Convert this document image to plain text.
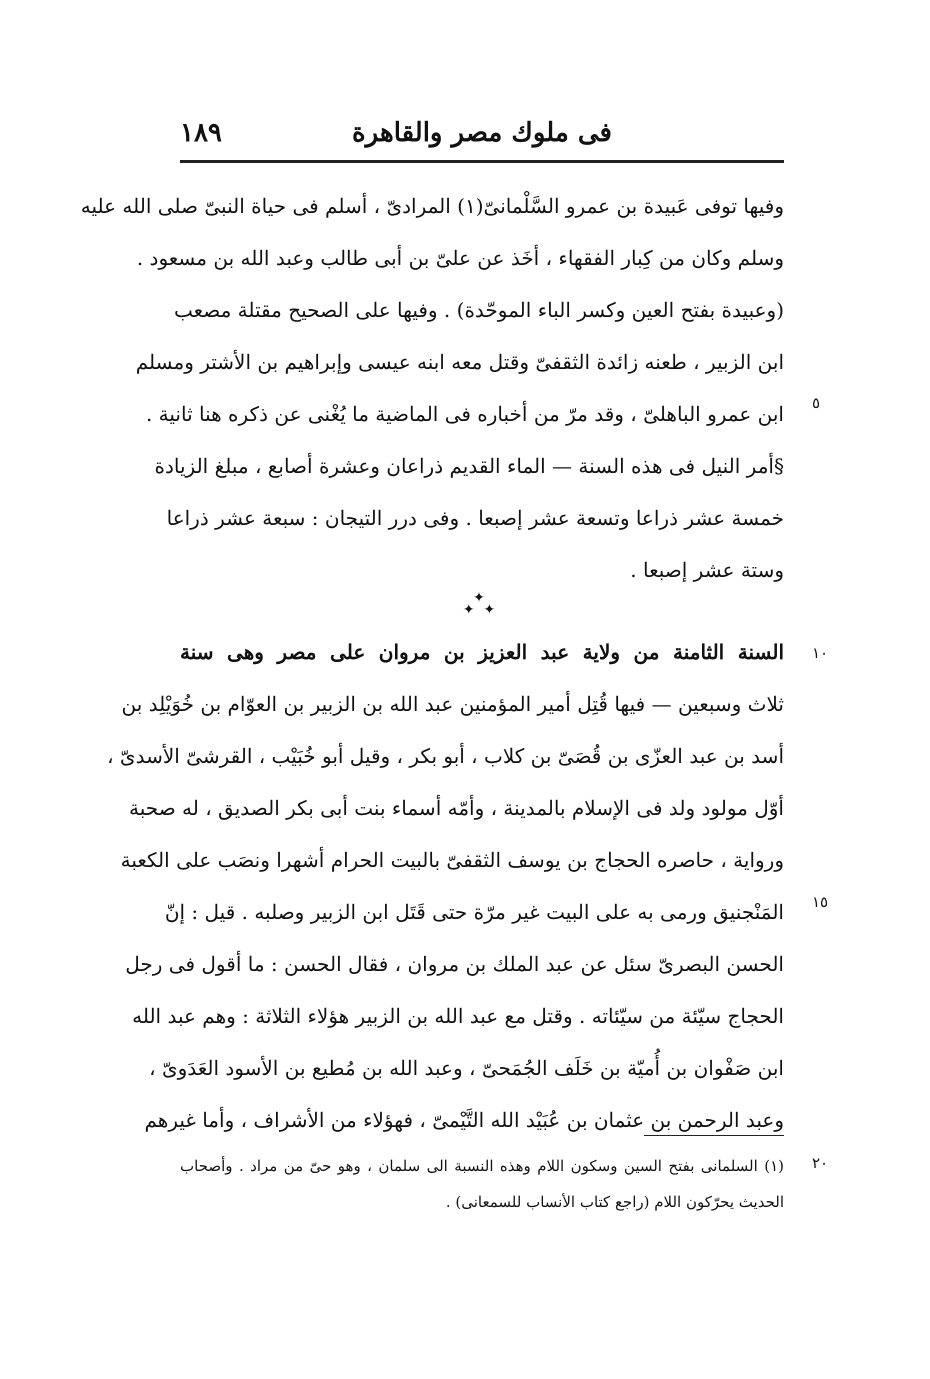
١٨٩	فى ملوك مصر والقاهرة
وفيها توفى عَبيدة بن عمرو السَّلْمانىّ(١) المرادىّ ، أسلم فى حياة النبىّ صلى الله عليه
وسلم وكان من كِبار الفقهاء ، أخَذ عن علىّ بن أبى طالب وعبد الله بن مسعود .
(وعبيدة بفتح العين وكسر الباء الموحّدة) . وفيها على الصحيح مقتلة مصعب
ابن الزبير ، طعنه زائدة الثقفىّ وقتل معه ابنه عيسى وإبراهيم بن الأشتر ومسلم
ابن عمرو الباهلىّ ، وقد مرّ من أخباره فى الماضية ما يُغْنى عن ذكره هنا ثانية .
§أمر النيل فى هذه السنة — الماء القديم ذراعان وعشرة أصابع ، مبلغ الزيادة
خمسة عشر ذراعا وتسعة عشر إصبعا . وفى درر التيجان : سبعة عشر ذراعا
وستة عشر إصبعا .
✦
✦ ✦
السنة الثامنة من ولاية عبد العزيز بن مروان على مصر وهى سنة
ثلاث وسبعين — فيها قُتِل أمير المؤمنين عبد الله بن الزبير بن العوّام بن خُوَيْلِد بن
أسد بن عبد العزّى بن قُصَىّ بن كلاب ، أبو بكر ، وقيل أبو خُبَيْب ، القرشىّ الأسدىّ ،
أوّل مولود ولد فى الإسلام بالمدينة ، وأمّه أسماء بنت أبى بكر الصديق ، له صحبة
ورواية ، حاصره الحجاج بن يوسف الثقفىّ بالبيت الحرام أشهرا ونصَب على الكعبة
المَنْجنيق ورمى به على البيت غير مرّة حتى قَتَل ابن الزبير وصلبه . قيل : إنّ
الحسن البصرىّ سئل عن عبد الملك بن مروان ، فقال الحسن : ما أقول فى رجل
الحجاج سيّئة من سيّئاته . وقتل مع عبد الله بن الزبير هؤلاء الثلاثة : وهم عبد الله
ابن صَفْوان بن أُميّة بن خَلَف الجُمَحىّ ، وعبد الله بن مُطيع بن الأسود العَدَوىّ ،
وعبد الرحمن بن عثمان بن عُبَيْد الله التَّيْمىّ ، فهؤلاء من الأشراف ، وأما غيرهم
٥
١٠
١٥
٢٠
(١) السلمانى بفتح السين وسكون اللام وهذه النسبة الى سلمان ، وهو حىّ من مراد . وأصحاب
الحديث يحرّكون اللام (راجع كتاب الأنساب للسمعانى) .
